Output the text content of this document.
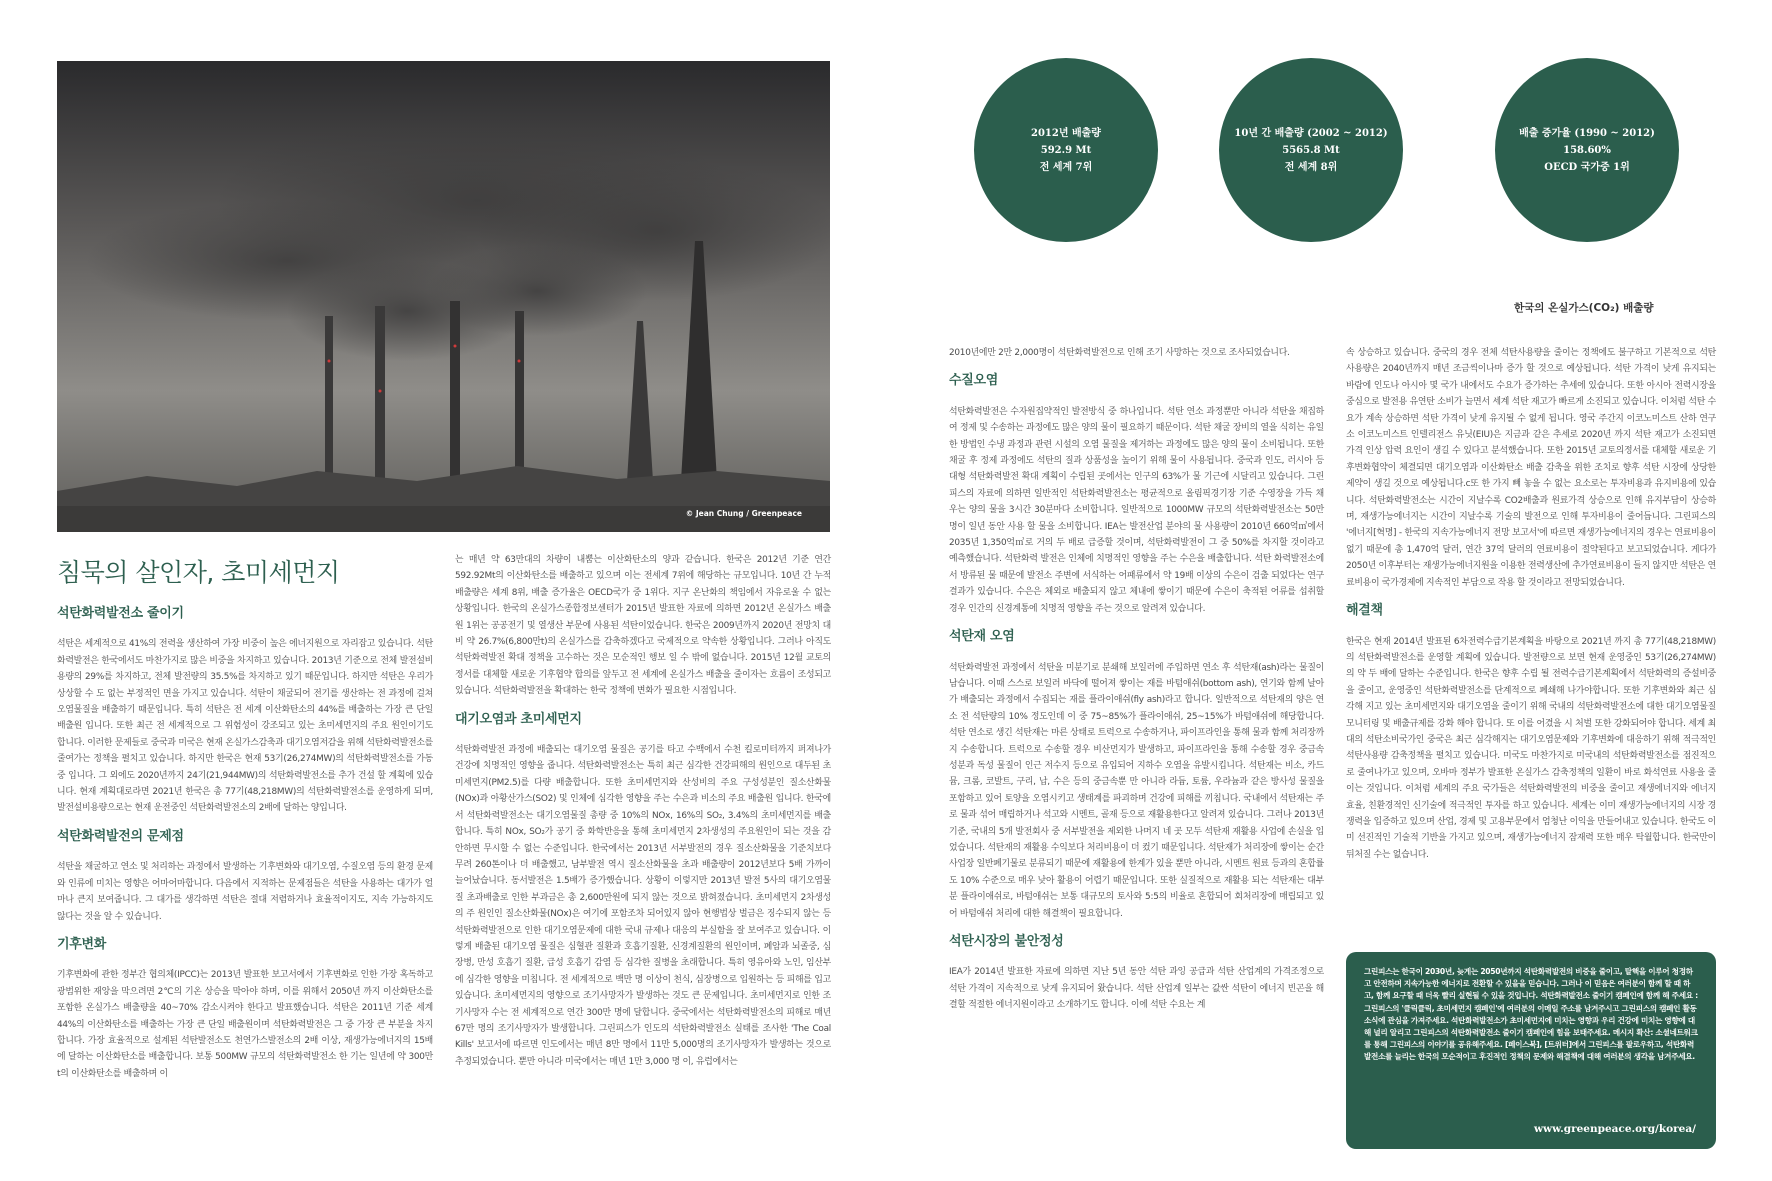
© Jean Chung / Greenpeace
침묵의 살인자, 초미세먼지
석탄화력발전소 줄이기

석탄은 세계적으로 41%의 전력을 생산하여 가장 비중이 높은 에너지원으로 자리잡고 있습니다. 석탄화력발전은 한국에서도 마찬가지로 많은 비중을 차지하고 있습니다. 2013년 기준으로 전체 발전설비용량의 29%를 차지하고, 전체 발전량의 35.5%를 차지하고 있기 때문입니다. 하지만 석탄은 우리가 상상할 수 도 없는 부정적인 면을 가지고 있습니다. 석탄이 채굴되어 전기를 생산하는 전 과정에 걸쳐 오염물질을 배출하기 때문입니다. 특히 석탄은 전 세계 이산화탄소의 44%를 배출하는 가장 큰 단일배출원 입니다. 또한 최근 전 세계적으로 그 위험성이 강조되고 있는 초미세먼지의 주요 원인이기도 합니다. 이러한 문제들로 중국과 미국은 현재 온실가스감축과 대기오염저감을 위해 석탄화력발전소를 줄여가는 정책을 펼치고 있습니다. 하지만 한국은 현재 53기(26,274MW)의 석탄화력발전소를 가동 중 입니다. 그 외에도 2020년까지 24기(21,944MW)의 석탄화력발전소를 추가 건설 할 계획에 있습니다. 현재 계획대로라면 2021년 한국은 총 77기(48,218MW)의 석탄화력발전소를 운영하게 되며, 발전설비용량으로는 현재 운전중인 석탄화력발전소의 2배에 달하는 양입니다.

석탄화력발전의 문제점

석탄을 채굴하고 연소 및 처리하는 과정에서 발생하는 기후변화와 대기오염, 수질오염 등의 환경 문제와 인류에 미치는 영향은 어마어마합니다. 다음에서 지적하는 문제점들은 석탄을 사용하는 대가가 얼마나 큰지 보여줍니다. 그 대가를 생각하면 석탄은 절대 저렴하거나 효율적이지도, 지속 가능하지도 않다는 것을 알 수 있습니다.

기후변화

기후변화에 관한 정부간 협의체(IPCC)는 2013년 발표한 보고서에서 기후변화로 인한 가장 혹독하고 광범위한 재앙을 막으려면 2℃의 기온 상승을 막아야 하며, 이를 위해서 2050년 까지 이산화탄소를 포함한 온실가스 배출량을 40~70% 감소시켜야 한다고 발표했습니다. 석탄은 2011년 기준 세계 44%의 이산화탄소를 배출하는 가장 큰 단일 배출원이며 석탄화력발전은 그 중 가장 큰 부분을 차지합니다. 가장 효율적으로 설계된 석탄발전소도 천연가스발전소의 2배 이상, 재생가능에너지의 15배에 달하는 이산화탄소를 배출합니다. 보통 500MW 규모의 석탄화력발전소 한 기는 일년에 약 300만t의 이산화탄소를 배출하며 이

는 매년 약 63만대의 차량이 내뿜는 이산화탄소의 양과 같습니다. 한국은 2012년 기준 연간 592.92Mt의 이산화탄소를 배출하고 있으며 이는 전세계 7위에 해당하는 규모입니다. 10년 간 누적 배출량은 세계 8위, 배출 증가율은 OECD국가 중 1위다. 지구 온난화의 책임에서 자유로울 수 없는 상황입니다. 한국의 온실가스종합정보센터가 2015년 발표한 자료에 의하면 2012년 온실가스 배출원 1위는 공공전기 및 열생산 부문에 사용된 석탄이었습니다. 한국은 2009년까지 2020년 전망치 대비 약 26.7%(6,800만t)의 온실가스를 감축하겠다고 국제적으로 약속한 상황입니다. 그러나 아직도 석탄화력발전 확대 정책을 고수하는 것은 모순적인 행보 일 수 밖에 없습니다. 2015년 12월 교토의정서를 대체할 새로운 기후협약 합의를 앞두고 전 세계에 온실가스 배출을 줄이자는 흐름이 조성되고 있습니다. 석탄화력발전을 확대하는 한국 정책에 변화가 필요한 시점입니다.

대기오염과 초미세먼지

석탄화력발전 과정에 배출되는 대기오염 물질은 공기를 타고 수백에서 수천 킬로미터까지 퍼져나가 건강에 치명적인 영향을 줍니다. 석탄화력발전소는 특히 최근 심각한 건강피해의 원인으로 대두된 초미세먼지(PM2.5)를 다량 배출합니다. 또한 초미세먼지와 산성비의 주요 구성성분인 질소산화물(NOx)과 아황산가스(SO2) 및 인체에 심각한 영향을 주는 수은과 비소의 주요 배출원 입니다. 한국에서 석탄화력발전소는 대기오염물질 총량 중 10%의 NOx, 16%의 SO₂, 3.4%의 초미세먼지를 배출합니다. 특히 NOx, SO₂가 공기 중 화학반응을 통해 초미세먼지 2차생성의 주요원인이 되는 것을 감안하면 무시할 수 없는 수준입니다. 한국에서는 2013년 서부발전의 경우 질소산화물을 기준치보다 무려 260톤이나 더 배출했고, 남부발전 역시 질소산화물을 초과 배출량이 2012년보다 5배 가까이 늘어났습니다. 동서발전은 1.5배가 증가했습니다. 상황이 이렇지만 2013년 발전 5사의 대기오염물질 초과배출로 인한 부과금은 총 2,600만원에 되지 않는 것으로 밝혀졌습니다. 초미세먼지 2차생성의 주 원인인 질소산화물(NOx)은 여기에 포함조차 되어있지 않아 현행법상 벌금은 징수되지 않는 등 석탄화력발전으로 인한 대기오염문제에 대한 국내 규제나 대응의 부실함을 잘 보여주고 있습니다. 이렇게 배출된 대기오염 물질은 심혈관 질환과 호흡기질환, 신경계질환의 원인이며, 폐암과 뇌졸중, 심장병, 만성 호흡기 질환, 급성 호흡기 감염 등 심각한 질병을 초래합니다. 특히 영유아와 노인, 임산부에 심각한 영향을 미칩니다. 전 세계적으로 백만 명 이상이 천식, 심장병으로 입원하는 등 피해를 입고 있습니다. 초미세먼지의 영향으로 조기사망자가 발생하는 것도 큰 문제입니다. 초미세먼지로 인한 조기사망자 수는 전 세계적으로 연간 300만 명에 달합니다. 중국에서는 석탄화력발전소의 피해로 매년 67만 명의 조기사망자가 발생합니다. 그린피스가 인도의 석탄화력발전소 실태를 조사한 'The Coal Kills' 보고서에 따르면 인도에서는 매년 8만 명에서 11만 5,000명의 조기사망자가 발생하는 것으로 추정되었습니다. 뿐만 아니라 미국에서는 매년 1만 3,000 명 이, 유럽에서는

2012년 배출량
592.9 Mt
전 세계 7위
10년 간 배출량 (2002 ~ 2012)
5565.8 Mt
전 세계 8위
배출 증가율 (1990 ~ 2012)
158.60%
OECD 국가중 1위
한국의 온실가스(CO₂) 배출량

2010년에만 2만 2,000명이 석탄화력발전으로 인해 조기 사망하는 것으로 조사되었습니다.

수질오염

석탄화력발전은 수자원집약적인 발전방식 중 하나입니다. 석탄 연소 과정뿐만 아니라 석탄을 채집하여 정제 및 수송하는 과정에도 많은 양의 물이 필요하기 때문이다. 석탄 채굴 장비의 열을 식히는 유일한 방법인 수냉 과정과 관련 시설의 오염 물질을 제거하는 과정에도 많은 양의 물이 소비됩니다. 또한 채굴 후 정제 과정에도 석탄의 질과 상품성을 높이기 위해 물이 사용됩니다. 중국과 인도, 러시아 등 대형 석탄화력발전 확대 계획이 수립된 곳에서는 인구의 63%가 물 기근에 시달리고 있습니다. 그린피스의 자료에 의하면 일반적인 석탄화력발전소는 평균적으로 올림픽경기장 기준 수영장을 가득 채우는 양의 물을 3시간 30분마다 소비합니다. 일반적으로 1000MW 규모의 석탄화력발전소는 50만 명이 일년 동안 사용 할 물을 소비합니다. IEA는 발전산업 분야의 물 사용량이 2010년 660억㎥에서 2035년 1,350억㎥로 거의 두 배로 급증할 것이며, 석탄화력발전이 그 중 50%를 차지할 것이라고 예측했습니다. 석탄화력 발전은 인체에 치명적인 영향을 주는 수은을 배출합니다. 석탄 화력발전소에서 방류된 물 때문에 발전소 주변에 서식하는 어패류에서 약 19배 이상의 수은이 검출 되었다는 연구결과가 있습니다. 수은은 체외로 배출되지 않고 체내에 쌓이기 때문에 수은이 축적된 어류를 섭취할 경우 인간의 신경계통에 치명적 영향을 주는 것으로 알려져 있습니다.

석탄재 오염

석탄화력발전 과정에서 석탄을 미분기로 분쇄해 보일러에 주입하면 연소 후 석탄재(ash)라는 물질이 남습니다. 이때 스스로 보일러 바닥에 떨어져 쌓이는 재를 바텀애쉬(bottom ash), 연기와 함께 날아가 배출되는 과정에서 수집되는 재를 플라이애쉬(fly ash)라고 합니다. 일반적으로 석탄재의 양은 연소 전 석탄량의 10% 정도인데 이 중 75~85%가 플라이애쉬, 25~15%가 바텀애쉬에 해당합니다. 석탄 연소로 생긴 석탄재는 마른 상태로 트럭으로 수송하거나, 파이프라인을 통해 물과 함께 처리장까지 수송합니다. 트럭으로 수송할 경우 비산먼지가 발생하고, 파이프라인을 통해 수송할 경우 중금속 성분과 독성 물질이 인근 저수지 등으로 유입되어 지하수 오염을 유발시킵니다. 석탄재는 비소, 카드뮴, 크롬, 코발트, 구리, 납, 수은 등의 중금속뿐 만 아니라 라듐, 토륨, 우라늄과 같은 방사성 물질을 포함하고 있어 토양을 오염시키고 생태계를 파괴하며 건강에 피해를 끼칩니다. 국내에서 석탄재는 주로 물과 섞어 매립하거나 석고와 시멘트, 골재 등으로 재활용한다고 알려져 있습니다. 그러나 2013년 기준, 국내의 5개 발전회사 중 서부발전을 제외한 나머지 네 곳 모두 석탄재 재활용 사업에 손실을 입었습니다. 석탄재의 재활용 수익보다 처리비용이 더 컸기 때문입니다. 석탄재가 처리장에 쌓이는 순간 사업장 일반폐기물로 분류되기 때문에 재활용에 한계가 있을 뿐만 아니라, 시멘트 원료 등과의 혼합률도 10% 수준으로 매우 낮아 활용이 어렵기 때문입니다. 또한 실질적으로 재활용 되는 석탄재는 대부분 플라이애쉬로, 바텀애쉬는 보통 대규모의 토사와 5:5의 비율로 혼합되어 회처리장에 매립되고 있어 바텀애쉬 처리에 대한 해결책이 필요합니다.

석탄시장의 불안정성

IEA가 2014년 발표한 자료에 의하면 지난 5년 동안 석탄 과잉 공급과 석탄 산업계의 가격조정으로 석탄 가격이 지속적으로 낮게 유지되어 왔습니다. 석탄 산업계 일부는 값싼 석탄이 에너지 빈곤을 해결할 적절한 에너지원이라고 소개하기도 합니다. 이에 석탄 수요는 계

속 상승하고 있습니다. 중국의 경우 전체 석탄사용량을 줄이는 정책에도 불구하고 기본적으로 석탄 사용량은 2040년까지 매년 조금씩이나마 증가 할 것으로 예상됩니다. 석탄 가격이 낮게 유지되는 바람에 인도나 아시아 몇 국가 내에서도 수요가 증가하는 추세에 있습니다. 또한 아시아 전력시장을 중심으로 발전용 유연탄 소비가 늘면서 세계 석탄 재고가 빠르게 소진되고 있습니다. 이처럼 석탄 수요가 계속 상승하면 석탄 가격이 낮게 유지될 수 없게 됩니다. 영국 주간지 이코노미스트 산하 연구소 이코노미스트 인텔리전스 유닛(EIU)은 지금과 같은 추세로 2020년 까지 석탄 재고가 소진되면 가격 인상 압력 요인이 생길 수 있다고 분석했습니다. 또한 2015년 교토의정서를 대체할 새로운 기후변화협약이 체결되면 대기오염과 이산화탄소 배출 감축을 위한 조치로 향후 석탄 시장에 상당한 제약이 생길 것으로 예상됩니다.c또 한 가지 빼 놓을 수 없는 요소로는 투자비용과 유지비용에 있습니다. 석탄화력발전소는 시간이 지날수록 CO2배출과 원료가격 상승으로 인해 유지부담이 상승하며, 재생가능에너지는 시간이 지날수록 기술의 발전으로 인해 투자비용이 줄어듭니다. 그린피스의 '에너지[혁명] - 한국의 지속가능에너지 전망 보고서'에 따르면 재생가능에너지의 경우는 연료비용이 없기 때문에 총 1,470억 달러, 연간 37억 달러의 연료비용이 절약된다고 보고되었습니다. 게다가 2050년 이후부터는 재생가능에너지원을 이용한 전력생산에 추가연료비용이 들지 않지만 석탄은 연료비용이 국가경제에 지속적인 부담으로 작용 할 것이라고 전망되었습니다.

해결책

한국은 현재 2014년 발표된 6차전력수급기본계획을 바탕으로 2021년 까지 총 77기(48,218MW)의 석탄화력발전소를 운영할 계획에 있습니다. 발전량으로 보면 현재 운영중인 53기(26,274MW)의 약 두 배에 달하는 수준입니다. 한국은 향후 수립 될 전력수급기본계획에서 석탄화력의 증설비중을 줄이고, 운영중인 석탄화력발전소를 단계적으로 폐쇄해 나가야합니다. 또한 기후변화와 최근 심각해 지고 있는 초미세먼지와 대기오염을 줄이기 위해 국내의 석탄화력발전소에 대한 대기오염물질 모니터링 및 배출규제를 강화 해야 합니다. 또 이를 어겼을 시 처벌 또한 강화되어야 합니다. 세계 최대의 석탄소비국가인 중국은 최근 심각해지는 대기오염문제와 기후변화에 대응하기 위해 적극적인 석탄사용량 감축정책을 펼치고 있습니다. 미국도 마찬가지로 미국내의 석탄화력발전소를 점진적으로 줄여나가고 있으며, 오바마 정부가 발표한 온실가스 감축정책의 일환이 바로 화석연료 사용을 줄이는 것입니다. 이처럼 세계의 주요 국가들은 석탄화력발전의 비중을 줄이고 재생에너지와 에너지 효율, 친환경적인 신기술에 적극적인 투자를 하고 있습니다. 세계는 이미 재생가능에너지의 시장 경쟁력을 입증하고 있으며 산업, 경제 및 고용부문에서 엄청난 이익을 만들어내고 있습니다. 한국도 이미 선진적인 기술적 기반을 가지고 있으며, 재생가능에너지 잠재력 또한 매우 탁월합니다. 한국만이 뒤처질 수는 없습니다.

그린피스는 한국이 2030년, 늦게는 2050년까지 석탄화력발전의 비중을 줄이고, 탈핵을 이루어 청정하고 안전하며 지속가능한 에너지로 전환할 수 있을을 믿습니다. 그러나 이 믿음은 여러분이 함께 할 때 하고, 함께 요구할 때 더욱 빨리 실현될 수 있을 것입니다. 석탄화력발전소 줄이기 캠페인에 함께 해 주세요 : 그린피스의 '클릭클릭, 초미세먼지 캠페인'에 여러분의 이메일 주소를 남겨주시고 그린피스의 캠페인 활동 소식에 관심을 가져주세요. 석탄화력발전소가 초미세먼지에 미치는 영향과 우리 건강에 미치는 영향에 대해 널리 알리고 그린피스의 석탄화력발전소 줄이기 캠페인에 힘을 보태주세요. 메시지 확산: 소셜네트워크를 통해 그린피스의 이야기를 공유해주세요. [페이스북], [트위터]에서 그린피스를 팔로우하고, 석탄화력발전소를 늘리는 한국의 모순적이고 후진적인 정책의 문제와 해결책에 대해 여러분의 생각을 남겨주세요.

www.greenpeace.org/korea/
